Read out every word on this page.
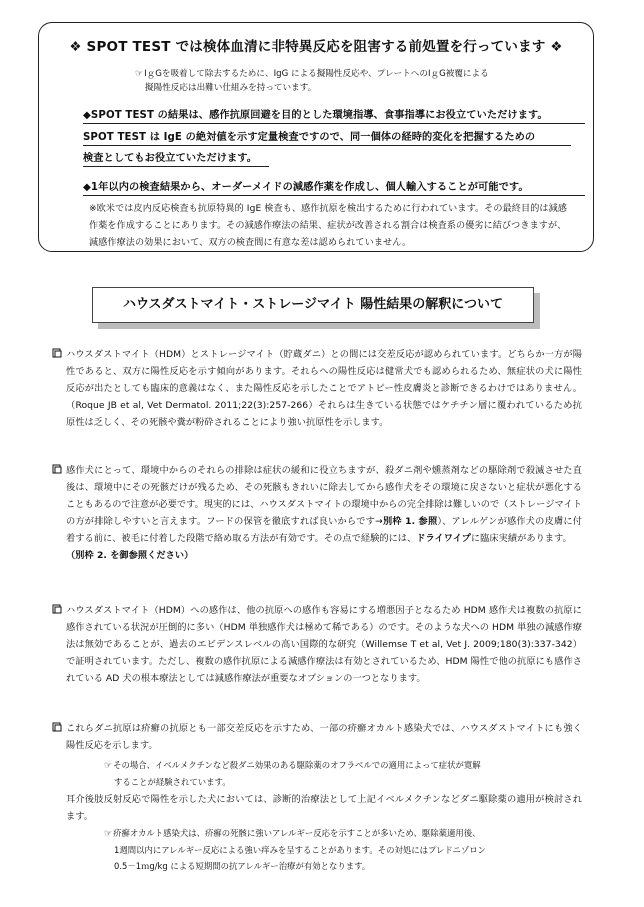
❖ SPOT TEST では検体血清に非特異反応を阻害する前処置を行っています ❖
☞IｇGを吸着して除去するために、IgG による擬陽性反応や、プレートへのIｇG被覆による
擬陽性反応は出難い仕組みを持っています。
◆SPOT TEST の結果は、感作抗原回避を目的とした環境指導、食事指導にお役立ていただけます。
SPOT TEST は IgE の絶対値を示す定量検査ですので、同一個体の経時的変化を把握するための
検査としてもお役立ていただけます。
◆1年以内の検査結果から、オーダーメイドの減感作薬を作成し、個人輸入することが可能です。
※欧米では皮内反応検査も抗原特異的 IgE 検査も、感作抗原を検出するために行われています。その最終目的は減感作薬を作成することにあります。その減感作療法の結果、症状が改善される割合は検査系の優劣に結びつきますが、減感作療法の効果において、双方の検査間に有意な差は認められていません。
ハウスダストマイト・ストレージマイト 陽性結果の解釈について
ハウスダストマイト（HDM）とストレージマイト（貯蔵ダニ）との間には交差反応が認められています。どちらか一方が陽性であると、双方に陽性反応を示す傾向があります。それらへの陽性反応は健常犬でも認められるため、無症状の犬に陽性反応が出たとしても臨床的意義はなく、また陽性反応を示したことでアトピー性皮膚炎と診断できるわけではありません。（Roque JB et al, Vet Dermatol. 2011;22(3):257-266）それらは生きている状態ではケチチン層に覆われているため抗原性は乏しく、その死骸や糞が粉砕されることにより強い抗原性を示します。
感作犬にとって、環境中からのそれらの排除は症状の緩和に役立ちますが、殺ダニ剤や燻蒸剤などの駆除剤で殺滅させた直後は、環境中にその死骸だけが残るため、その死骸もきれいに除去してから感作犬をその環境に戻さないと症状が悪化することもあるので注意が必要です。現実的には、ハウスダストマイトの環境中からの完全排除は難しいので（ストレージマイトの方が排除しやすいと言えます。フードの保管を徹底すれば良いからです→別枠 1. 参照）、アレルゲンが感作犬の皮膚に付着する前に、被毛に付着した段階で絡め取る方法が有効です。その点で経験的には、ドライワイプに臨床実績があります。
（別枠 2. を御参照ください）
ハウスダストマイト（HDM）への感作は、他の抗原への感作も容易にする増悪因子となるため HDM 感作犬は複数の抗原に感作されている状況が圧倒的に多い（HDM 単独感作犬は極めて稀である）のです。そのような犬への HDM 単独の減感作療法は無効であることが、過去のエビデンスレベルの高い国際的な研究（Willemse T et al, Vet J. 2009;180(3):337-342）で証明されています。ただし、複数の感作抗原による減感作療法は有効とされているため、HDM 陽性で他の抗原にも感作されている AD 犬の根本療法としては減感作療法が重要なオプションの一つとなります。
これらダニ抗原は疥癬の抗原とも一部交差反応を示すため、一部の疥癬オカルト感染犬では、ハウスダストマイトにも強く陽性反応を示します。
☞その場合、イベルメクチンなど殺ダニ効果のある駆除薬のオフラベルでの適用によって症状が寛解
することが経験されています。
耳介後肢反射反応で陽性を示した犬においては、診断的治療法として上記イベルメクチンなどダニ駆除薬の適用が検討されます。
☞疥癬オカルト感染犬は、疥癬の死骸に強いアレルギー反応を示すことが多いため、駆除薬適用後、
1週間以内にアレルギー反応による強い痒みを呈することがあります。その対処にはプレドニゾロン
0.5－1ｍg/kg による短期間の抗アレルギー治療が有効となります。
